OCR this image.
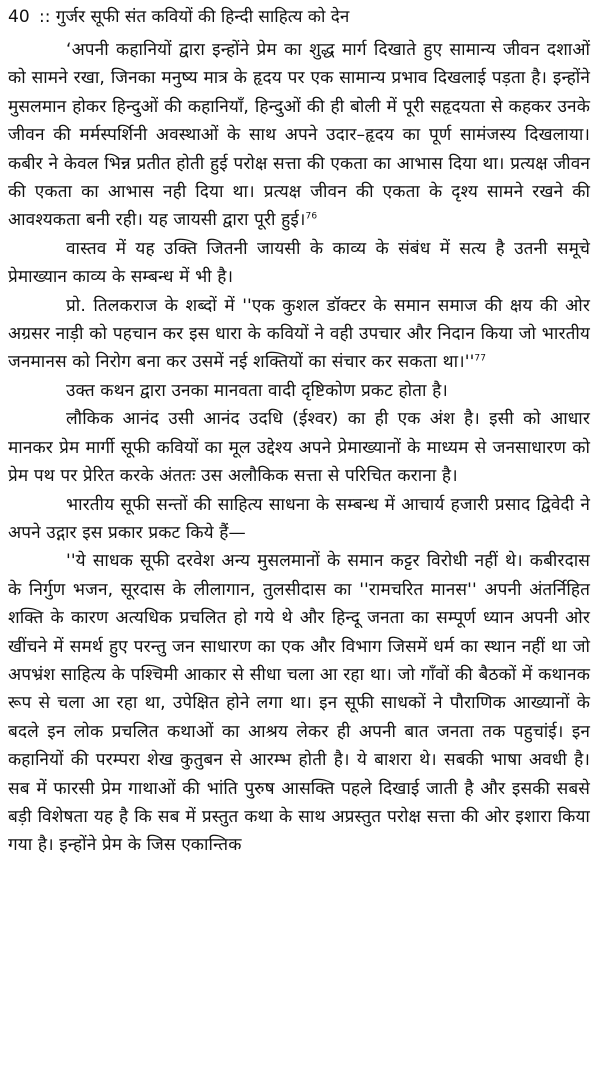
40 :: गुर्जर सूफी संत कवियों की हिन्दी साहित्य को देन

‘अपनी कहानियों द्वारा इन्होंने प्रेम का शुद्ध मार्ग दिखाते हुए सामान्य जीवन दशाओं को सामने रखा, जिनका मनुष्य मात्र के हृदय पर एक सामान्य प्रभाव दिखलाई पड़ता है। इन्होंने मुसलमान होकर हिन्दुओं की कहानियाँ, हिन्दुओं की ही बोली में पूरी सहृदयता से कहकर उनके जीवन की मर्मस्पर्शिनी अवस्थाओं के साथ अपने उदार–हृदय का पूर्ण सामंजस्य दिखलाया। कबीर ने केवल भिन्न प्रतीत होती हुई परोक्ष सत्ता की एकता का आभास दिया था। प्रत्यक्ष जीवन की एकता का आभास नही दिया था। प्रत्यक्ष जीवन की एकता के दृश्य सामने रखने की आवश्यकता बनी रही। यह जायसी द्वारा पूरी हुई।$^{76}$

वास्तव में यह उक्ति जितनी जायसी के काव्य के संबंध में सत्य है उतनी समूचे प्रेमाख्यान काव्य के सम्बन्ध में भी है।

प्रो. तिलकराज के शब्दों में ''एक कुशल डॉक्टर के समान समाज की क्षय की ओर अग्रसर नाड़ी को पहचान कर इस धारा के कवियों ने वही उपचार और निदान किया जो भारतीय जनमानस को निरोग बना कर उसमें नई शक्तियों का संचार कर सकता $था।''^{77}$

उक्त कथन द्वारा उनका मानवता वादी दृष्टिकोण प्रकट होता है।

लौकिक आनंद उसी आनंद उदधि (ईश्वर) का ही एक अंश है। इसी को आधार मानकर प्रेम मार्गी सूफी कवियों का मूल उद्देश्य अपने प्रेमाख्यानों के माध्यम से जनसाधारण को प्रेम पथ पर प्रेरित करके अंततः उस अलौकिक सत्ता से परिचित कराना है।

भारतीय सूफी सन्तों की साहित्य साधना के सम्बन्ध में आचार्य हजारी प्रसाद द्विवेदी ने अपने उद्गार इस प्रकार प्रकट किये हैं—

''ये साधक सूफी दरवेश अन्य मुसलमानों के समान कट्टर विरोधी नहीं थे। कबीरदास के निर्गुण भजन, सूरदास के लीलागान, तुलसीदास का ''रामचरित मानस'' अपनी अंतर्निहित शक्ति के कारण अत्यधिक प्रचलित हो गये थे और हिन्दू जनता का सम्पूर्ण ध्यान अपनी ओर खींचने में समर्थ हुए परन्तु जन साधारण का एक और विभाग जिसमें धर्म का स्थान नहीं था जो अपभ्रंश साहित्य के पश्चिमी आकार से सीधा चला आ रहा था। जो गाँवों की बैठकों में कथानक रूप से चला आ रहा था, उपेक्षित होने लगा था। इन सूफी साधकों ने पौराणिक आख्यानों के बदले इन लोक प्रचलित कथाओं का आश्रय लेकर ही अपनी बात जनता तक पहुचांई। इन कहानियों की परम्परा शेख कुतुबन से आरम्भ होती है। ये बाशरा थे। सबकी भाषा अवधी है। सब में फारसी प्रेम गाथाओं की भांति पुरुष आसक्ति पहले दिखाई जाती है और इसकी सबसे बड़ी विशेषता यह है कि सब में प्रस्तुत कथा के साथ अप्रस्तुत परोक्ष सत्ता की ओर इशारा किया गया है। इन्होंने प्रेम के जिस एकान्तिक
